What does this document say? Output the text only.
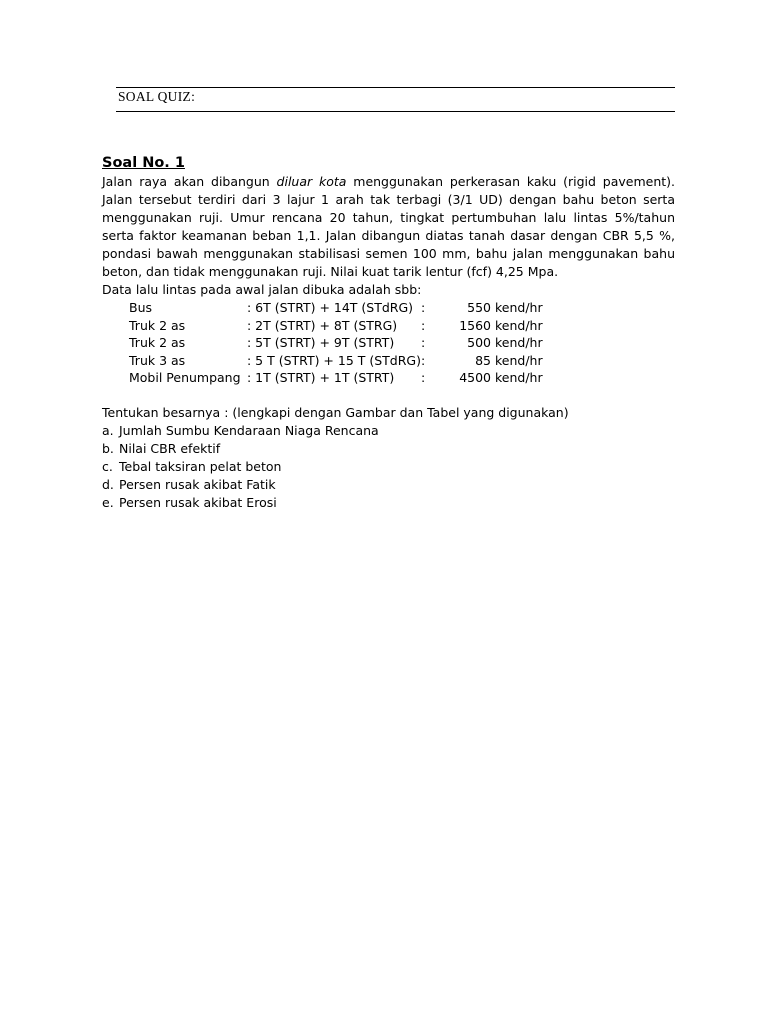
SOAL QUIZ:
Soal No. 1

Jalan raya akan dibangun diluar kota menggunakan perkerasan kaku (rigid pavement). Jalan tersebut terdiri dari 3 lajur 1 arah tak terbagi (3/1 UD) dengan bahu beton serta menggunakan ruji. Umur rencana 20 tahun, tingkat pertumbuhan lalu lintas 5%/tahun serta faktor keamanan beban 1,1. Jalan dibangun diatas tanah dasar dengan CBR 5,5 %, pondasi bawah menggunakan stabilisasi semen 100 mm, bahu jalan menggunakan bahu beton, dan tidak menggunakan ruji. Nilai kuat tarik lentur (fcf) 4,25 Mpa.

Data lalu lintas pada awal jalan dibuka adalah sbb:
Bus	: 6T (STRT) + 14T (STdRG)	:	550	kend/hr
Truk 2 as	: 2T (STRT) + 8T (STRG)	:	1560	kend/hr
Truk 2 as	: 5T (STRT) + 9T (STRT)	:	500	kend/hr
Truk 3 as	: 5 T (STRT) + 15 T (STdRG)	:	85	kend/hr
Mobil Penumpang	: 1T (STRT) + 1T (STRT)	:	4500	kend/hr
Tentukan besarnya : (lengkapi dengan Gambar dan Tabel yang digunakan)
a. Jumlah Sumbu Kendaraan Niaga Rencana
b. Nilai CBR efektif
c. Tebal taksiran pelat beton
d. Persen rusak akibat Fatik
e. Persen rusak akibat Erosi
